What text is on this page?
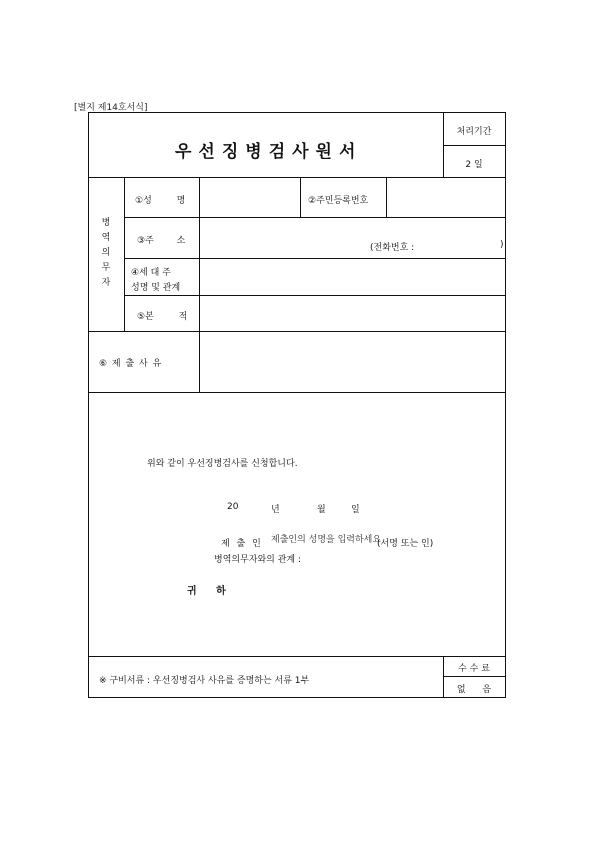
[별지 제14호서식]
우선징병검사원서
처리기간
2 일
병역의무자
①성 명	②주민등록번호
③주 소
(전화번호 :	)
④세 대 주
성명 및 관계
⑤본 적
⑥ 제 출 사 유
위와 같이 우선징병검사를 신청합니다.
20
년	월	일
제 출 인
제출인의 성명을 입력하세요	(서명 또는 인)
병역의무자와의 관계 :
귀 하
※ 구비서류 : 우선징병검사 사유를 증명하는 서류 1부
수 수 료
없 음
